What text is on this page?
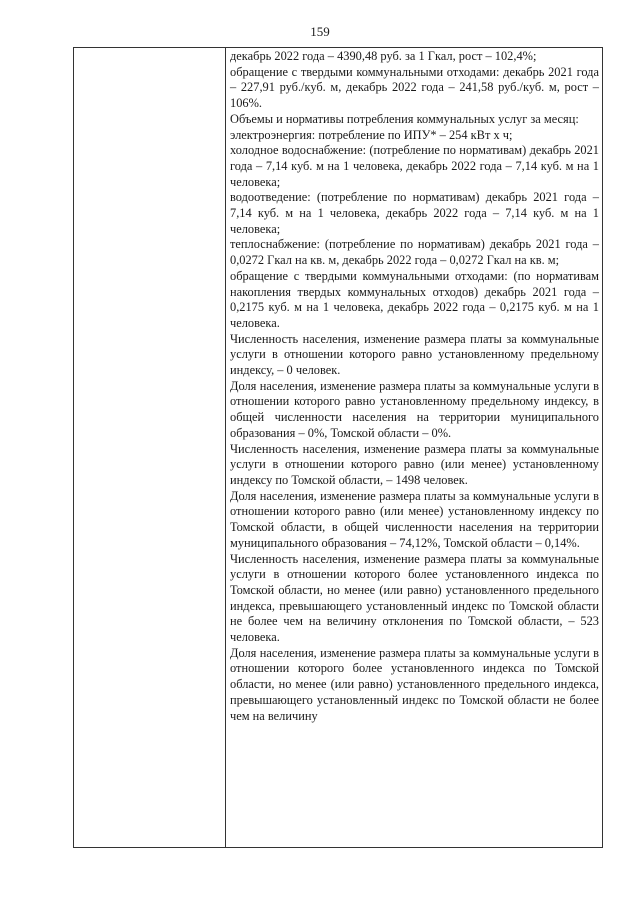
159

декабрь 2022 года – 4390,48 руб. за 1 Гкал, рост – 102,4%;

обращение с твердыми коммунальными отходами: декабрь 2021 года – 227,91 руб./куб. м, декабрь 2022 года – 241,58 руб./куб. м, рост – 106%.

Объемы и нормативы потребления коммунальных услуг за месяц:

электроэнергия: потребление по ИПУ* – 254 кВт х ч;

холодное водоснабжение: (потребление по нормативам) декабрь 2021 года – 7,14 куб. м на 1 человека, декабрь 2022 года – 7,14 куб. м на 1 человека;

водоотведение: (потребление по нормативам) декабрь 2021 года – 7,14 куб. м на 1 человека, декабрь 2022 года – 7,14 куб. м на 1 человека;

теплоснабжение: (потребление по нормативам) декабрь 2021 года – 0,0272 Гкал на кв. м, декабрь 2022 года – 0,0272 Гкал на кв. м;

обращение с твердыми коммунальными отходами: (по нормативам накопления твердых коммунальных отходов) декабрь 2021 года – 0,2175 куб. м на 1 человека, декабрь 2022 года – 0,2175 куб. м на 1 человека.

Численность населения, изменение размера платы за коммунальные услуги в отношении которого равно установленному предельному индексу, – 0 человек.

Доля населения, изменение размера платы за коммунальные услуги в отношении которого равно установленному предельному индексу, в общей численности населения на территории муниципального образования – 0%, Томской области – 0%.

Численность населения, изменение размера платы за коммунальные услуги в отношении которого равно (или менее) установленному индексу по Томской области, – 1498 человек.

Доля населения, изменение размера платы за коммунальные услуги в отношении которого равно (или менее) установленному индексу по Томской области, в общей численности населения на территории муниципального образования – 74,12%, Томской области – 0,14%.

Численность населения, изменение размера платы за коммунальные услуги в отношении которого более установленного индекса по Томской области, но менее (или равно) установленного предельного индекса, превышающего установленный индекс по Томской области не более чем на величину отклонения по Томской области, – 523 человека.

Доля населения, изменение размера платы за коммунальные услуги в отношении которого более установленного индекса по Томской области, но менее (или равно) установленного предельного индекса, превышающего установленный индекс по Томской области не более чем на величину
